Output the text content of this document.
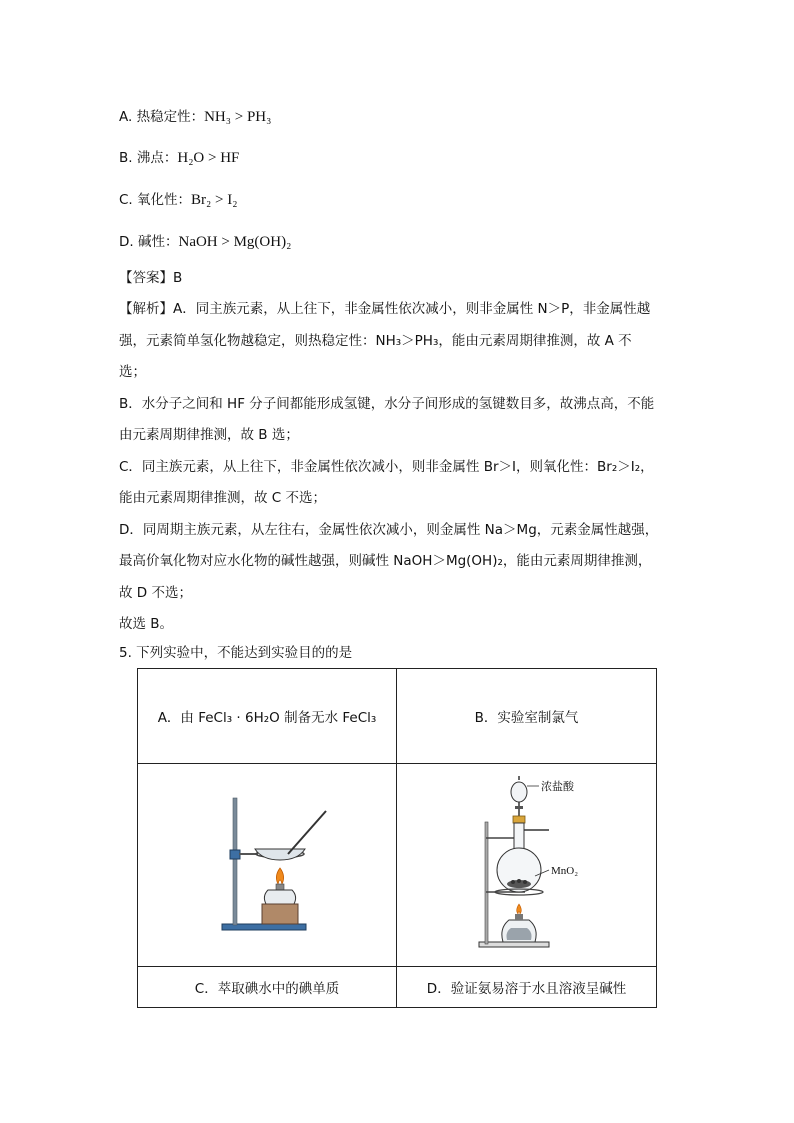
A. 热稳定性：NH₃ > PH₃
B. 沸点：H₂O > HF
C. 氧化性：Br₂ > I₂
D. 碱性：NaOH > Mg(OH)₂
【答案】B
【解析】A．同主族元素，从上往下，非金属性依次减小，则非金属性 N＞P，非金属性越
强，元素简单氢化物越稳定，则热稳定性：NH₃＞PH₃，能由元素周期律推测，故 A 不
选；
B．水分子之间和 HF 分子间都能形成氢键，水分子间形成的氢键数目多，故沸点高，不能
由元素周期律推测，故 B 选；
C．同主族元素，从上往下，非金属性依次减小，则非金属性 Br＞I，则氧化性：Br₂＞I₂，
能由元素周期律推测，故 C 不选；
D．同周期主族元素，从左往右，金属性依次减小，则金属性 Na＞Mg，元素金属性越强，
最高价氧化物对应水化物的碱性越强，则碱性 NaOH＞Mg(OH)₂，能由元素周期律推测，
故 D 不选；
故选 B。
5. 下列实验中，不能达到实验目的的是
A．由 FeCl₃ · 6H₂O 制备无水 FeCl₃	B．实验室制氯气

浓盐酸
MnO₂

C．萃取碘水中的碘单质	D．验证氨易溶于水且溶液呈碱性
